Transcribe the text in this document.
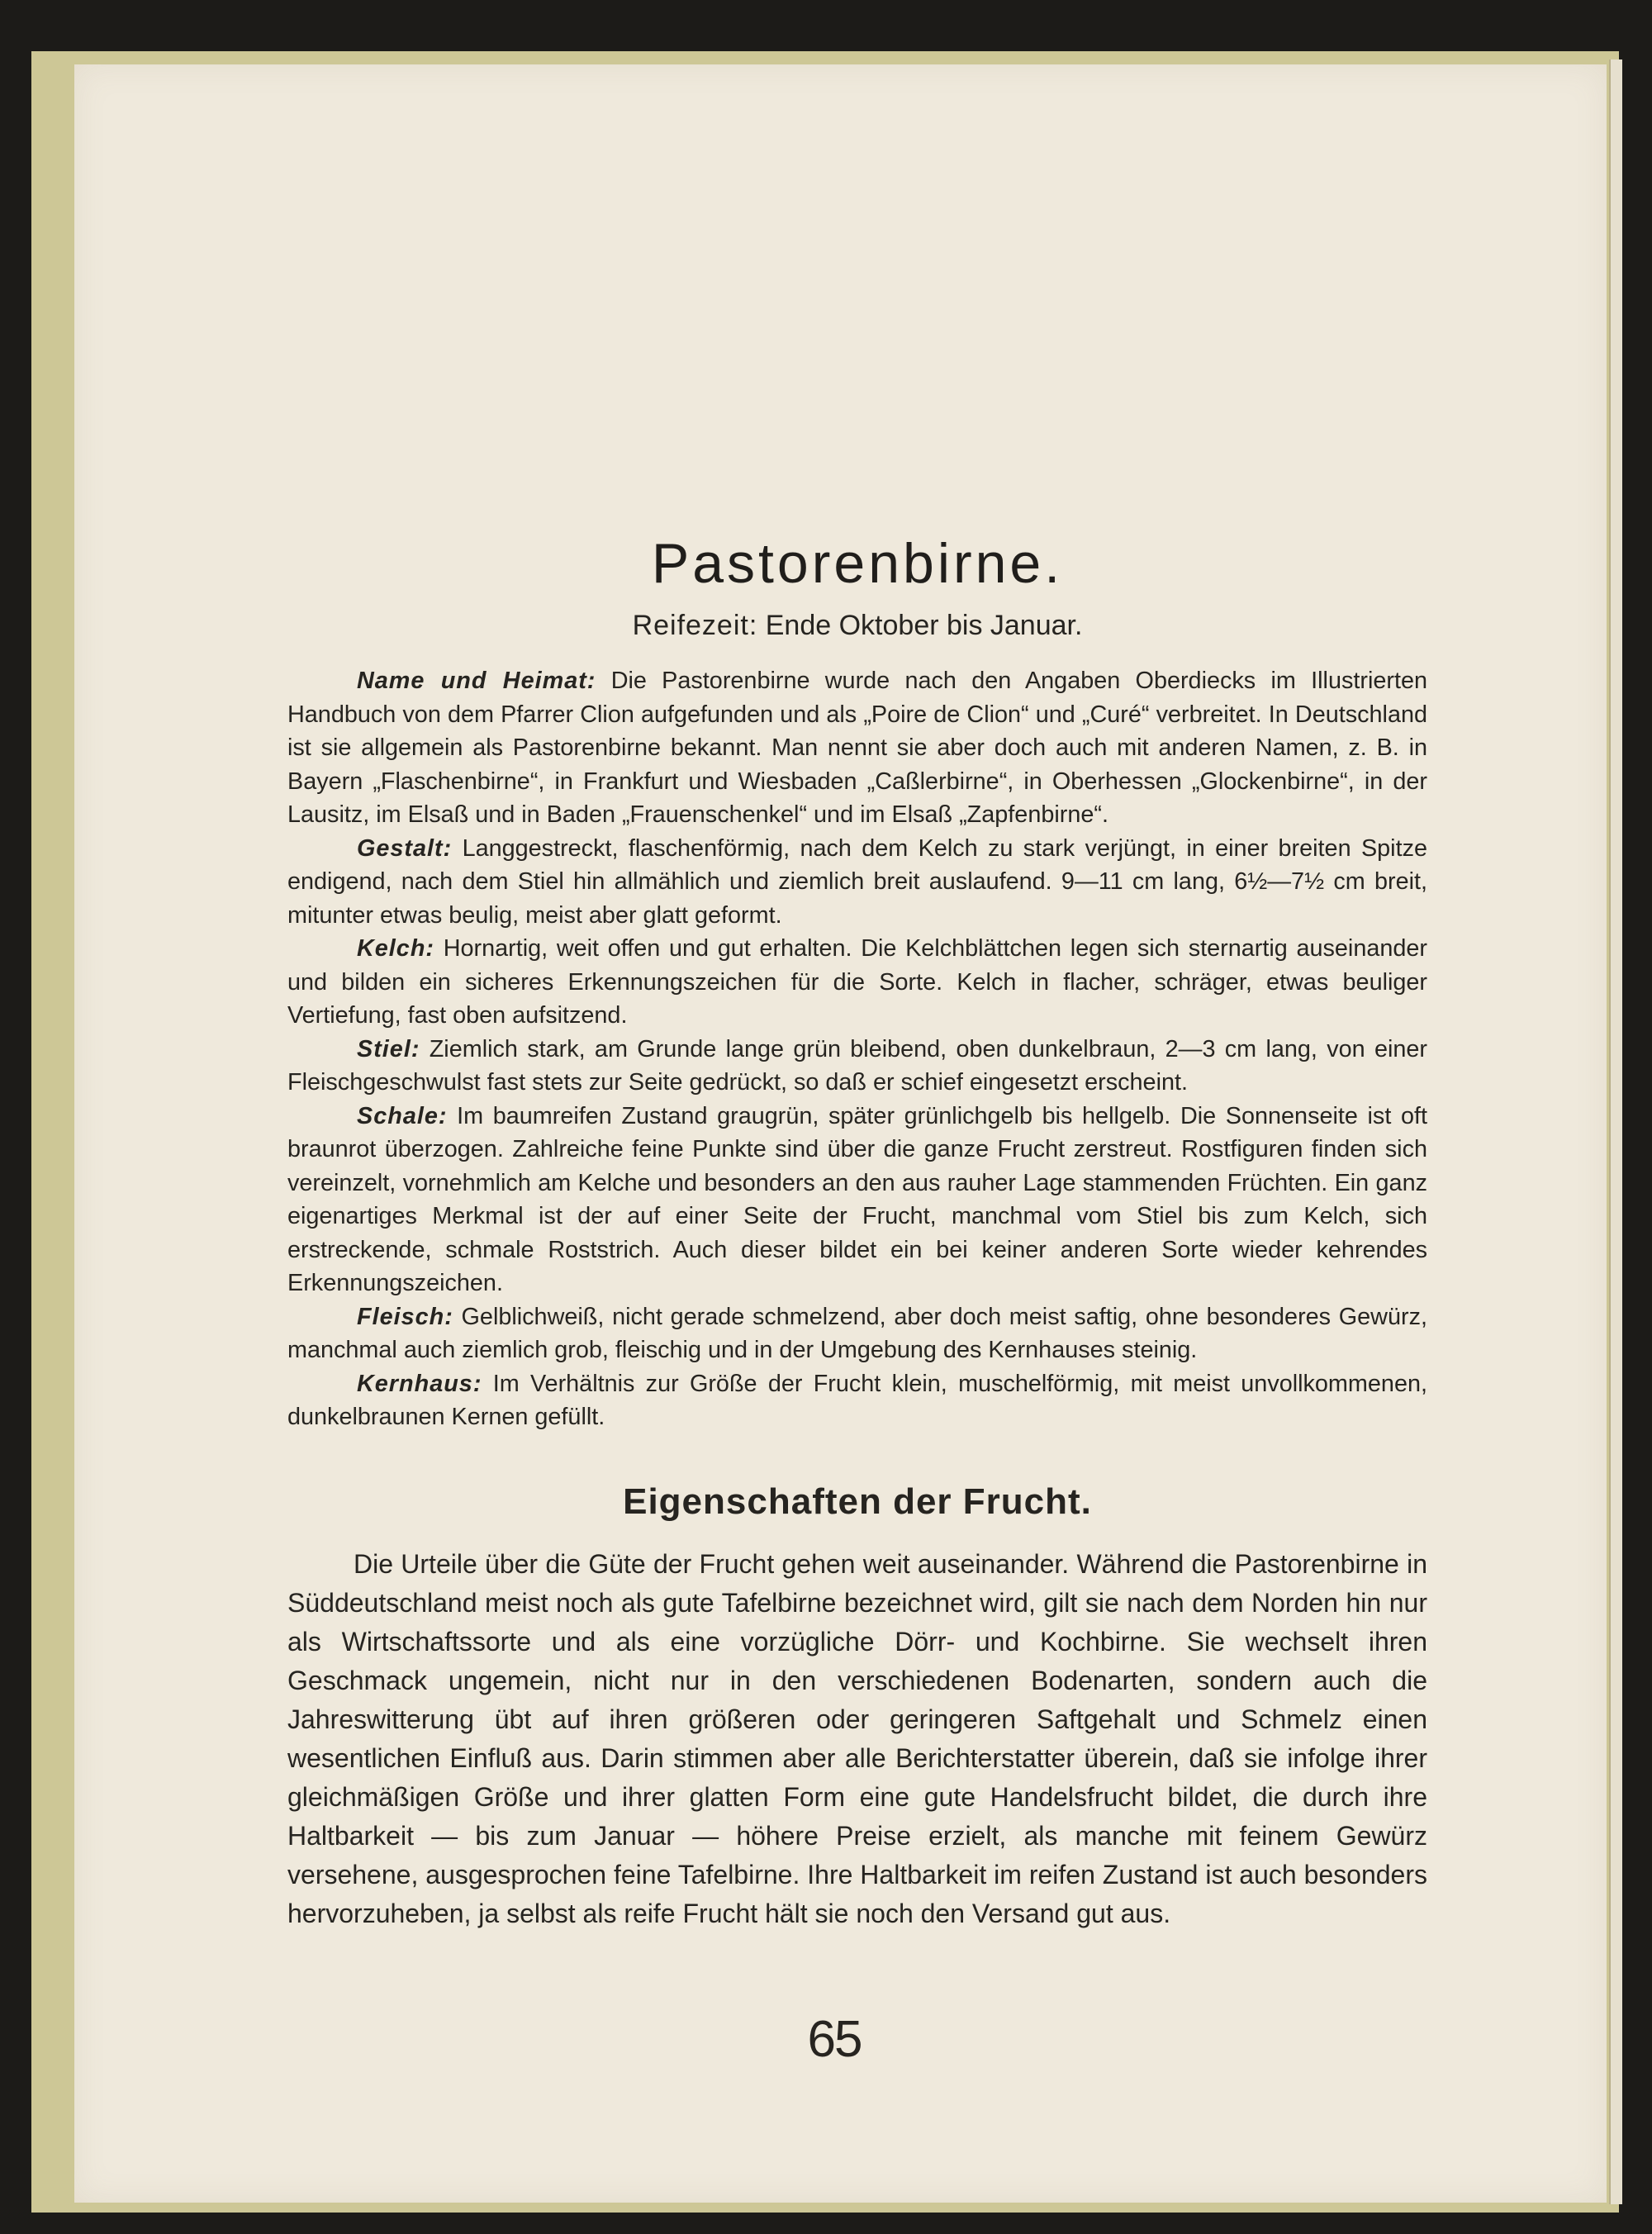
Pastorenbirne.

Reifezeit: Ende Oktober bis Januar.

Name und Heimat: Die Pastorenbirne wurde nach den Angaben Oberdiecks im Illustrierten Handbuch von dem Pfarrer Clion aufgefunden und als „Poire de Clion“ und „Curé“ verbreitet. In Deutschland ist sie allgemein als Pastorenbirne bekannt. Man nennt sie aber doch auch mit anderen Namen, z. B. in Bayern „Flaschenbirne“, in Frankfurt und Wiesbaden „Caßlerbirne“, in Oberhessen „Glockenbirne“, in der Lausitz, im Elsaß und in Baden „Frauenschenkel“ und im Elsaß „Zapfenbirne“.

Gestalt: Langgestreckt, flaschenförmig, nach dem Kelch zu stark verjüngt, in einer breiten Spitze endigend, nach dem Stiel hin allmählich und ziemlich breit auslaufend. 9—11 cm lang, 6½—7½ cm breit, mitunter etwas beulig, meist aber glatt geformt.

Kelch: Hornartig, weit offen und gut erhalten. Die Kelchblättchen legen sich sternartig auseinander und bilden ein sicheres Erkennungszeichen für die Sorte. Kelch in flacher, schräger, etwas beuliger Vertiefung, fast oben aufsitzend.

Stiel: Ziemlich stark, am Grunde lange grün bleibend, oben dunkelbraun, 2—3 cm lang, von einer Fleischgeschwulst fast stets zur Seite gedrückt, so daß er schief eingesetzt erscheint.

Schale: Im baumreifen Zustand graugrün, später grünlichgelb bis hellgelb. Die Sonnenseite ist oft braunrot überzogen. Zahlreiche feine Punkte sind über die ganze Frucht zerstreut. Rostfiguren finden sich vereinzelt, vornehmlich am Kelche und besonders an den aus rauher Lage stammenden Früchten. Ein ganz eigenartiges Merkmal ist der auf einer Seite der Frucht, manchmal vom Stiel bis zum Kelch, sich erstreckende, schmale Roststrich. Auch dieser bildet ein bei keiner anderen Sorte wieder kehrendes Erkennungszeichen.

Fleisch: Gelblichweiß, nicht gerade schmelzend, aber doch meist saftig, ohne besonderes Gewürz, manchmal auch ziemlich grob, fleischig und in der Umgebung des Kernhauses steinig.

Kernhaus: Im Verhältnis zur Größe der Frucht klein, muschelförmig, mit meist unvollkommenen, dunkelbraunen Kernen gefüllt.

Eigenschaften der Frucht.

Die Urteile über die Güte der Frucht gehen weit auseinander. Während die Pastorenbirne in Süddeutschland meist noch als gute Tafelbirne bezeichnet wird, gilt sie nach dem Norden hin nur als Wirtschaftssorte und als eine vorzügliche Dörr- und Kochbirne. Sie wechselt ihren Geschmack ungemein, nicht nur in den verschiedenen Bodenarten, sondern auch die Jahreswitterung übt auf ihren größeren oder geringeren Saftgehalt und Schmelz einen wesentlichen Einfluß aus. Darin stimmen aber alle Berichterstatter überein, daß sie infolge ihrer gleichmäßigen Größe und ihrer glatten Form eine gute Handelsfrucht bildet, die durch ihre Haltbarkeit — bis zum Januar — höhere Preise erzielt, als manche mit feinem Gewürz versehene, ausgesprochen feine Tafelbirne. Ihre Haltbarkeit im reifen Zustand ist auch besonders hervorzuheben, ja selbst als reife Frucht hält sie noch den Versand gut aus.

65
